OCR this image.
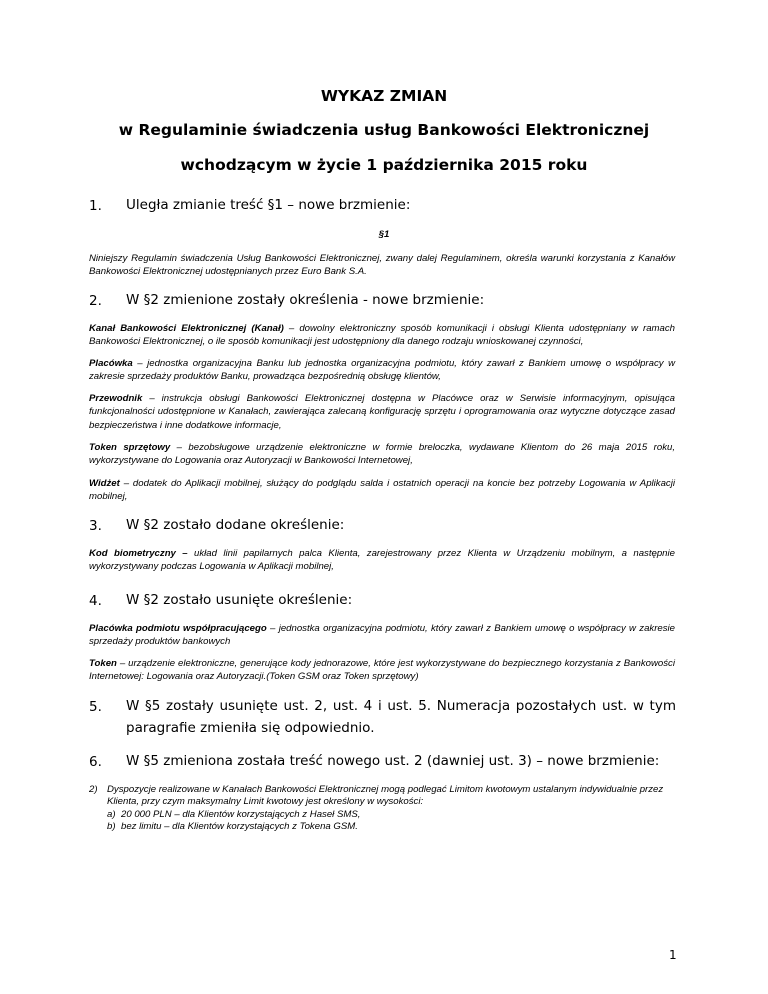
WYKAZ ZMIAN
w Regulaminie świadczenia usług Bankowości Elektronicznej
wchodzącym w życie 1 października 2015 roku
1. Uległa zmianie treść §1 – nowe brzmienie:
§1
Niniejszy Regulamin świadczenia Usług Bankowości Elektronicznej, zwany dalej Regulaminem, określa warunki korzystania z Kanałów Bankowości Elektronicznej udostępnianych przez Euro Bank S.A.
2. W §2 zmienione zostały określenia - nowe brzmienie:
Kanał Bankowości Elektronicznej (Kanał) – dowolny elektroniczny sposób komunikacji i obsługi Klienta udostępniany w ramach Bankowości Elektronicznej, o ile sposób komunikacji jest udostępniony dla danego rodzaju wnioskowanej czynności,
Placówka – jednostka organizacyjna Banku lub jednostka organizacyjna podmiotu, który zawarł z Bankiem umowę o współpracy w zakresie sprzedaży produktów Banku, prowadząca bezpośrednią obsługę klientów,
Przewodnik – instrukcja obsługi Bankowości Elektronicznej dostępna w Placówce oraz w Serwisie informacyjnym, opisująca funkcjonalności udostępnione w Kanałach, zawierająca zalecaną konfigurację sprzętu i oprogramowania oraz wytyczne dotyczące zasad bezpieczeństwa i inne dodatkowe informacje,
Token sprzętowy – bezobsługowe urządzenie elektroniczne w formie breloczka, wydawane Klientom do 26 maja 2015 roku, wykorzystywane do Logowania oraz Autoryzacji w Bankowości Internetowej,
Widżet – dodatek do Aplikacji mobilnej, służący do podglądu salda i ostatnich operacji na koncie bez potrzeby Logowania w Aplikacji mobilnej,
3. W §2 zostało dodane określenie:
Kod biometryczny – układ linii papilarnych palca Klienta, zarejestrowany przez Klienta w Urządzeniu mobilnym, a następnie wykorzystywany podczas Logowania w Aplikacji mobilnej,
4. W §2 zostało usunięte określenie:
Placówka podmiotu współpracującego – jednostka organizacyjna podmiotu, który zawarł z Bankiem umowę o współpracy w zakresie sprzedaży produktów bankowych
Token – urządzenie elektroniczne, generujące kody jednorazowe, które jest wykorzystywane do bezpiecznego korzystania z Bankowości Internetowej: Logowania oraz Autoryzacji.(Token GSM oraz Token sprzętowy)
5. W §5 zostały usunięte ust. 2, ust. 4 i ust. 5. Numeracja pozostałych ust. w tym paragrafie zmieniła się odpowiednio.
6. W §5 zmieniona została treść nowego ust. 2 (dawniej ust. 3) – nowe brzmienie:
2) Dyspozycje realizowane w Kanałach Bankowości Elektronicznej mogą podlegać Limitom kwotowym ustalanym indywidualnie przez Klienta, przy czym maksymalny Limit kwotowy jest określony w wysokości:
a) 20 000 PLN – dla Klientów korzystających z Haseł SMS,
b) bez limitu – dla Klientów korzystających z Tokena GSM.
1
